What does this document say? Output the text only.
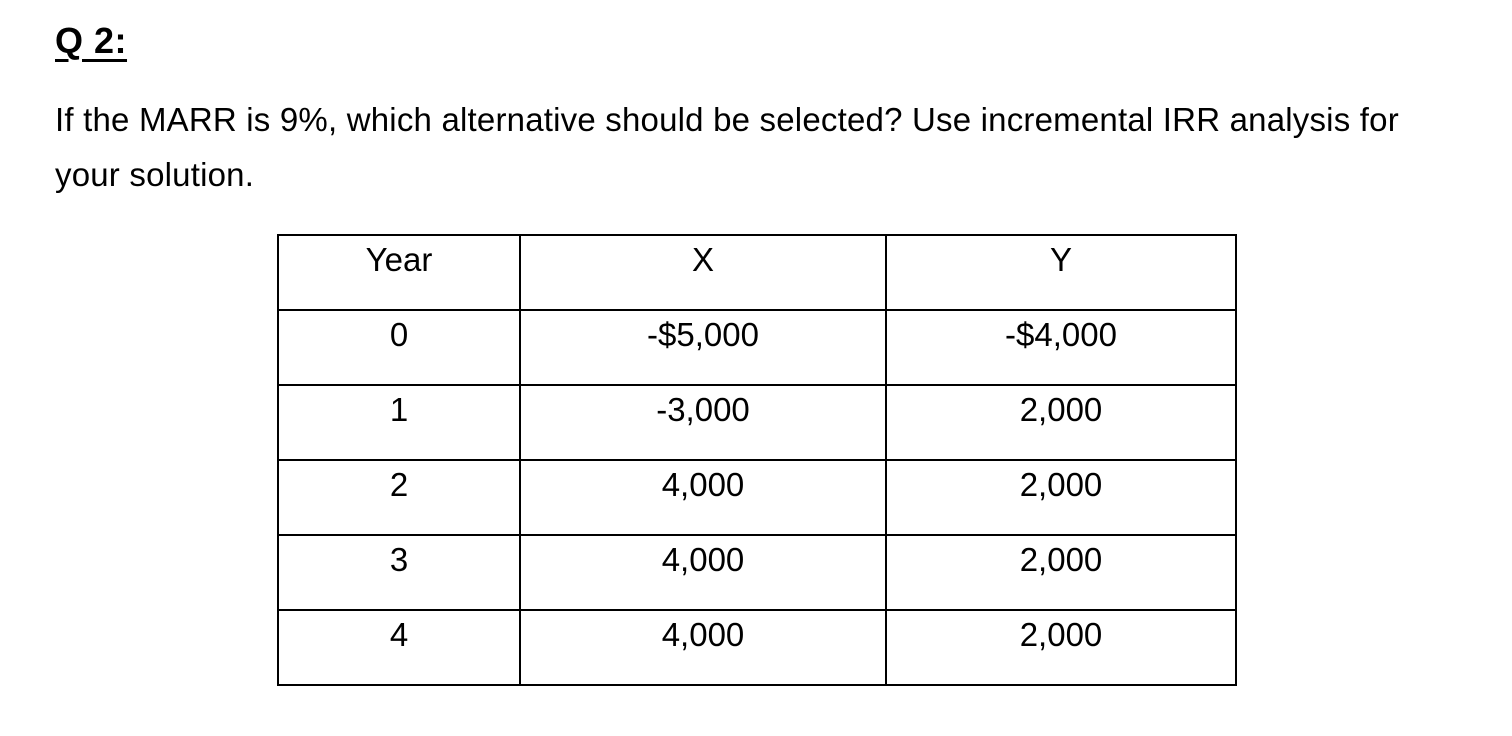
Q 2:

If the MARR is 9%, which alternative should be selected? Use incremental IRR analysis for your solution.

Year	X	Y
0	-$5,000	-$4,000
1	-3,000	2,000
2	4,000	2,000
3	4,000	2,000
4	4,000	2,000
